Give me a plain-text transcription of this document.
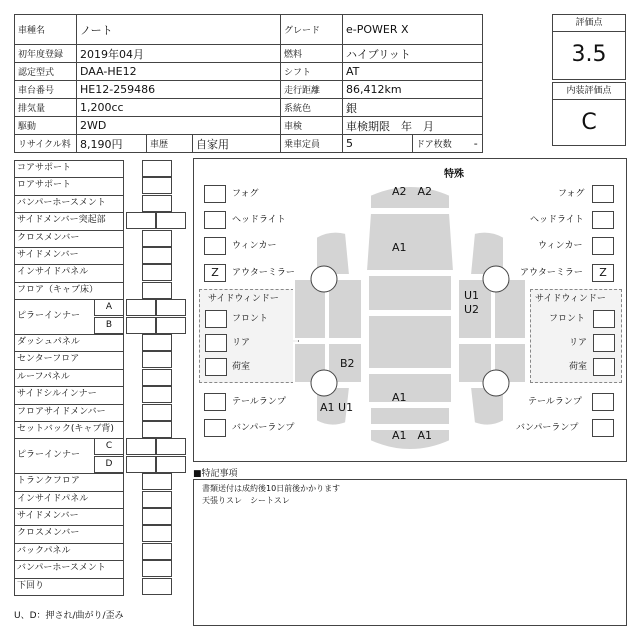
車種名	ノート			グレード	e-POWER X	
初年度登録	2019年04月			燃料	ハイブリット	
認定型式	DAA-HE12			シフト	AT	
車台番号	HE12-259486			走行距離	86,412km	
排気量	1,200cc			系統色	銀	
駆動	2WD			車検	車検期限　年　月	
リサイクル料	8,190円	車歴	自家用	乗車定員	5	ドア枚数 -
評価点
3.5
内装評価点
C
コアサポート
ロアサポート
バンパーホースメント
サイドメンバー突起部
クロスメンバー
サイドメンバー
インサイドパネル
フロア（キャブ床）
ピラーインナー
A
B
ダッシュパネル
センターフロア
ルーフパネル
サイドシルインナー
フロアサイドメンバー
セットバック(キャブ背)
ピラーインナー
C
D
トランクフロア
インサイドパネル
サイドメンバー
クロスメンバー
バックパネル
バンパーホースメント
下回り
U、D：押され/曲がり/歪み
特殊
フォグ
ヘッドライト
ウィンカー
Z	アウターミラー
サイドウィンドー
フロント
リア
荷室
テールランプ
バンパーランプ
フォグ
ヘッドライト
ウィンカー
Z
アウターミラー
サイドウィンドー
フロント
リア
荷室
テールランプ
バンパーランプ
A2　A2
A1
U1
U2
B2
A1
A1 U1
A1　A1
■特記事項
書類送付は成約後10日前後かかります
天張りスレ　シートスレ
